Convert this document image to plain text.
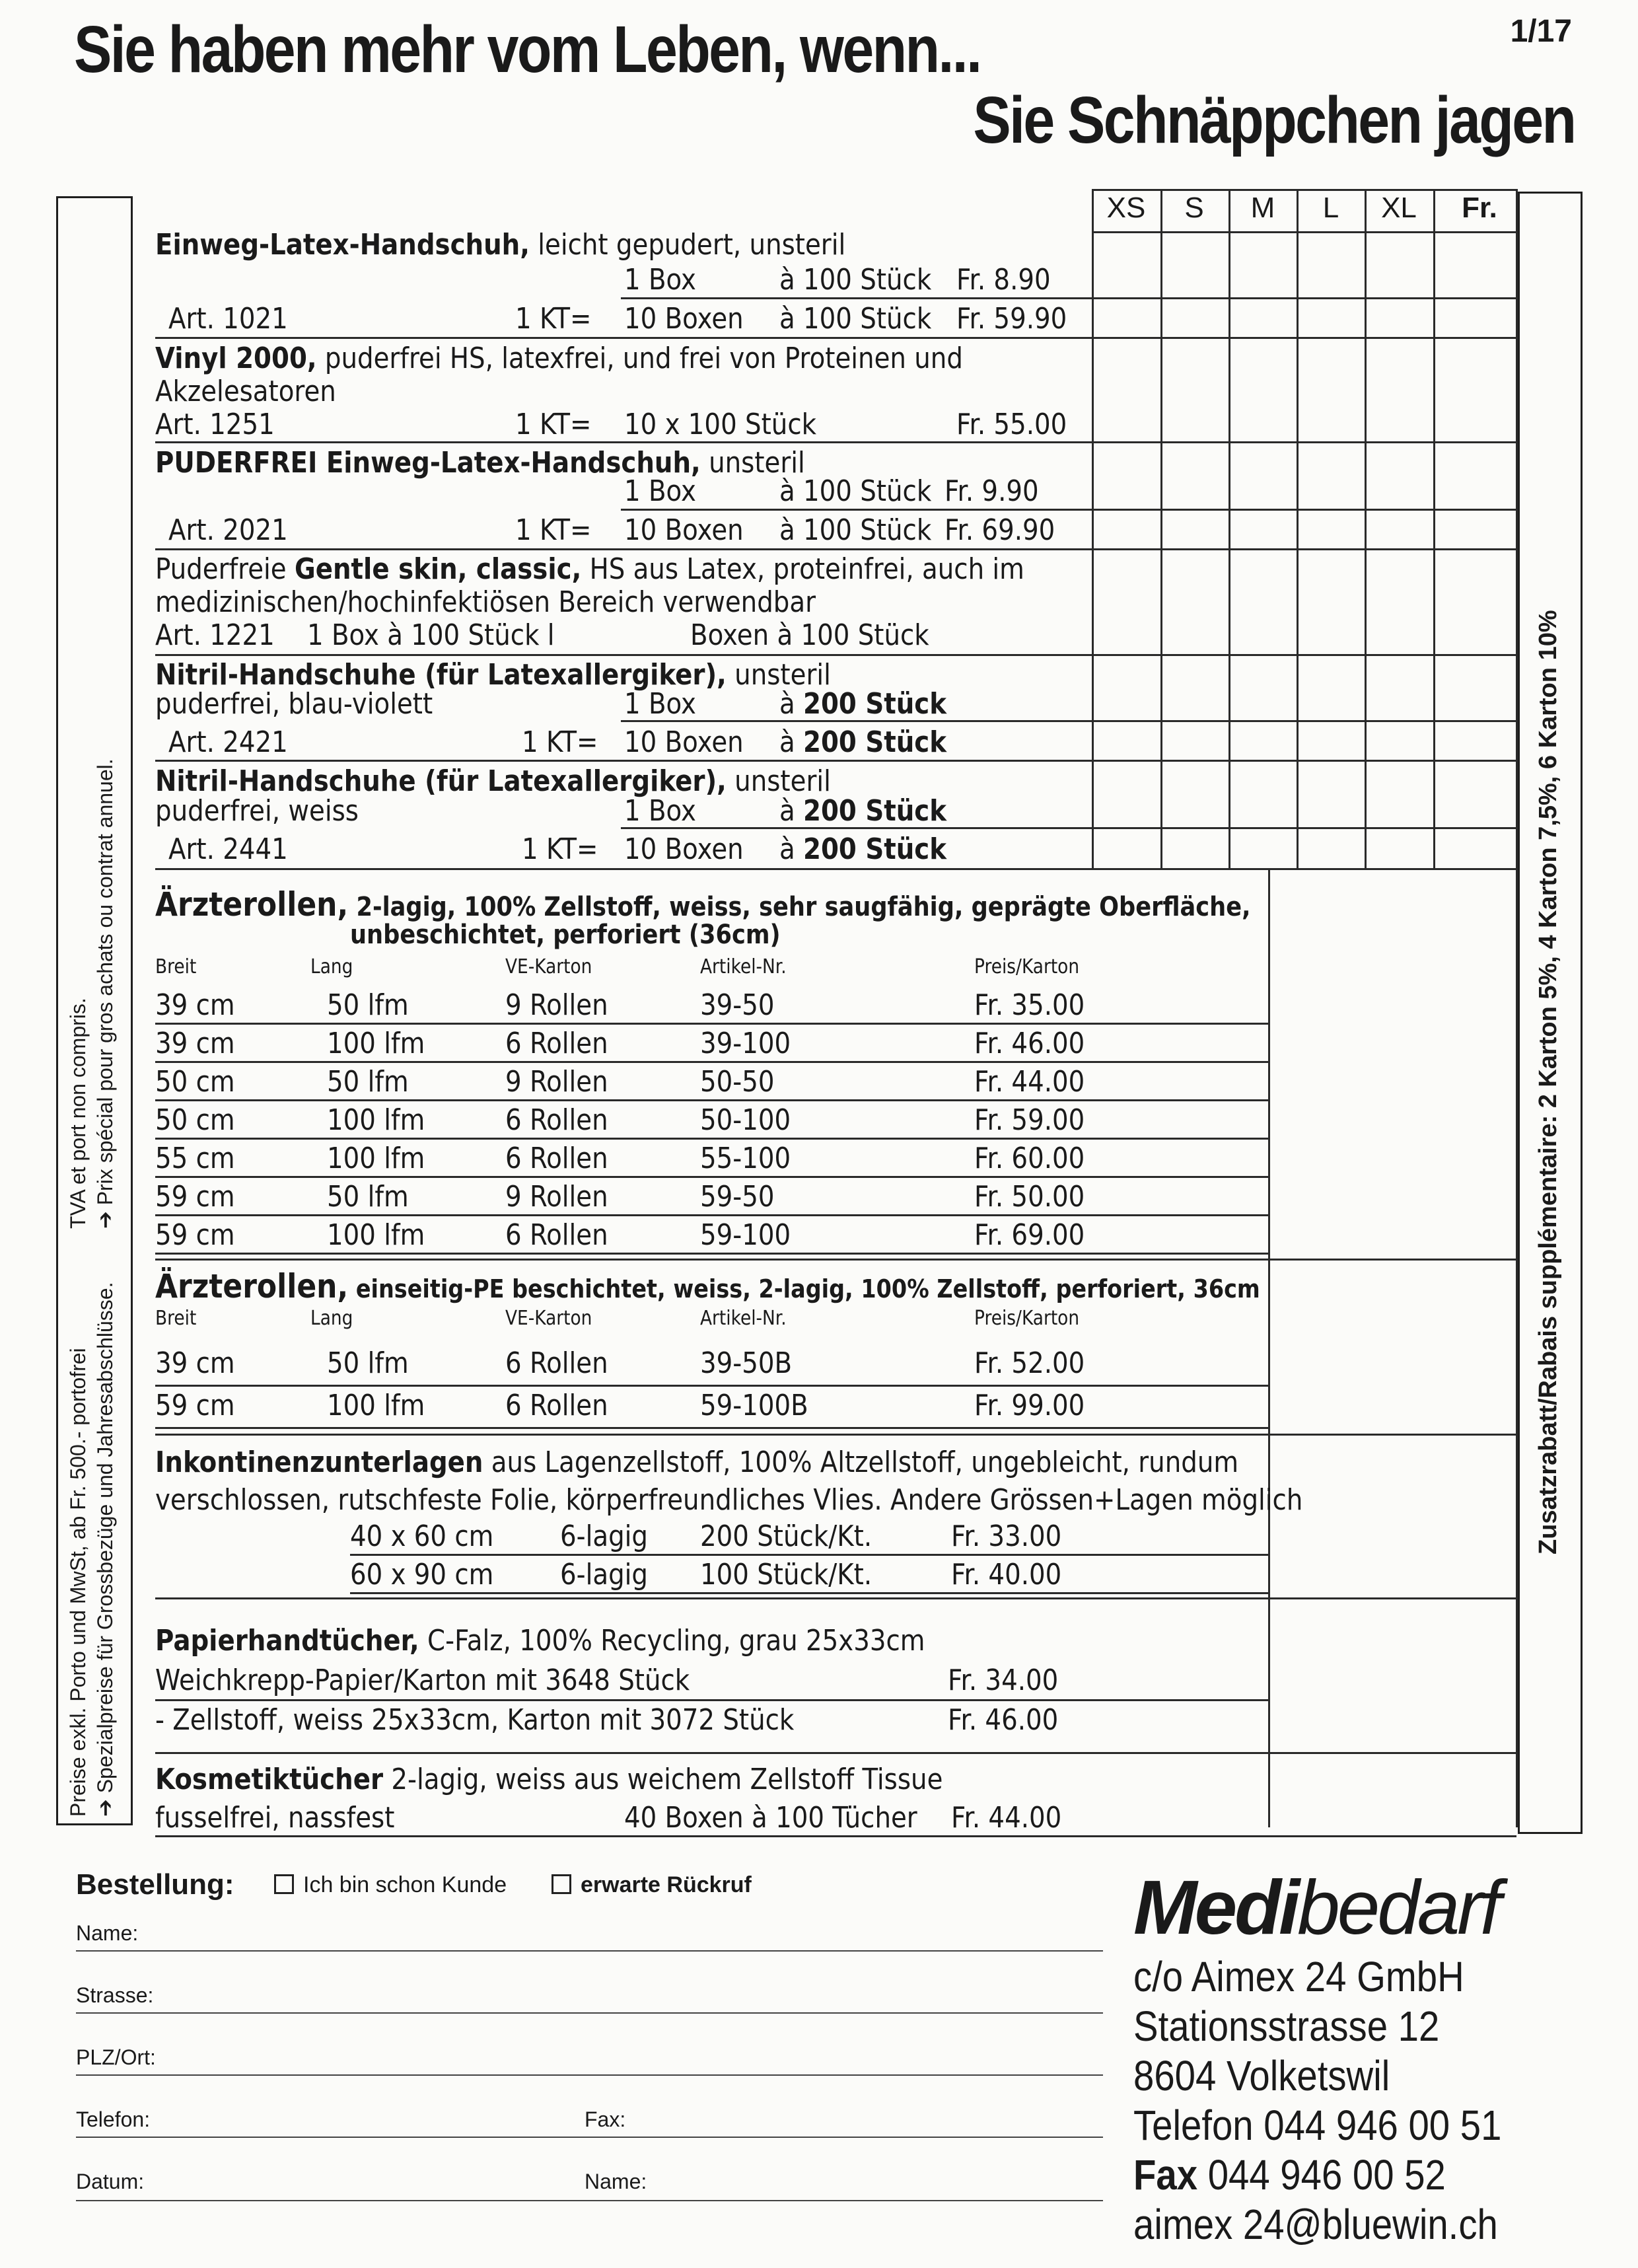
Sie haben mehr vom Leben, wenn...
Sie Schnäppchen jagen
1/17
Preise exkl. Porto und MwSt, ab Fr. 500.- portofrei ➔ Spezialpreise für Grossbezüge und Jahresabschlüsse.
TVA et port non compris. ➔ Prix spécial pour gros achats ou contrat annuel.	Zusatzrabatt/Rabais supplémentaire: 2 Karton 5%, 4 Karton 7,5%, 6 Karton 10%
XS	S	M	L	XL	Fr.
Einweg-Latex-Handschuh, leicht gepudert, unsteril
1 Box	à 100 Stück Fr. 8.90
Art. 1021	1 KT= 10 Boxen à 100 Stück Fr. 59.90
Vinyl 2000, puderfrei HS, latexfrei, und frei von Proteinen und
Akzelesatoren
Art. 1251	1 KT= 10 x 100 Stück	Fr. 55.00
PUDERFREI Einweg-Latex-Handschuh, unsteril
1 Box	à 100 Stück Fr. 9.90
Art. 2021	1 KT= 10 Boxen à 100 Stück Fr. 69.90
Puderfreie Gentle skin, classic, HS aus Latex, proteinfrei, auch im
medizinischen/hochinfektiösen Bereich verwendbar
Art. 1221 1 Box à 100 Stück l	Boxen à 100 Stück
Nitril-Handschuhe (für Latexallergiker), unsteril
puderfrei, blau-violett	1 Box	à 200 Stück
Art. 2421	1 KT= 10 Boxen à 200 Stück
Nitril-Handschuhe (für Latexallergiker), unsteril
puderfrei, weiss	1 Box	à 200 Stück
Art. 2441	1 KT= 10 Boxen à 200 Stück
Ärzterollen, 2-lagig, 100% Zellstoff, weiss, sehr saugfähig, geprägte Oberfläche,
unbeschichtet, perforiert (36cm)
Breit	Lang	VE-Karton	Artikel-Nr.	Preis/Karton
39 cm	50 lfm	9 Rollen	39-50	Fr. 35.00
39 cm	100 lfm	6 Rollen	39-100	Fr. 46.00
50 cm	50 lfm	9 Rollen	50-50	Fr. 44.00
50 cm	100 lfm	6 Rollen	50-100	Fr. 59.00
55 cm	100 lfm	6 Rollen	55-100	Fr. 60.00
59 cm	50 lfm	9 Rollen	59-50	Fr. 50.00
59 cm	100 lfm	6 Rollen	59-100	Fr. 69.00
Ärzterollen, einseitig-PE beschichtet, weiss, 2-lagig, 100% Zellstoff, perforiert, 36cm
Breit	Lang	VE-Karton	Artikel-Nr.	Preis/Karton
39 cm	50 lfm	6 Rollen	39-50B	Fr. 52.00
59 cm	100 lfm	6 Rollen	59-100B	Fr. 99.00
Inkontinenzunterlagen aus Lagenzellstoff, 100% Altzellstoff, ungebleicht, rundum
verschlossen, rutschfeste Folie, körperfreundliches Vlies. Andere Grössen+Lagen möglich
40 x 60 cm 6-lagig 200 Stück/Kt.	Fr. 33.00
60 x 90 cm 6-lagig 100 Stück/Kt.	Fr. 40.00
Papierhandtücher, C-Falz, 100% Recycling, grau 25x33cm
Weichkrepp-Papier/Karton mit 3648 Stück	Fr. 34.00
- Zellstoff, weiss 25x33cm, Karton mit 3072 Stück	Fr. 46.00
Kosmetiktücher 2-lagig, weiss aus weichem Zellstoff Tissue
fusselfrei, nassfest	40 Boxen à 100 Tücher Fr. 44.00
Bestellung:	Ich bin schon Kunde	erwarte Rückruf
Name:
Strasse:
PLZ/Ort:
Telefon:	Fax:
Datum:	Name:
Medibedarf
c/o Aimex 24 GmbH
Stationsstrasse 12
8604 Volketswil
Telefon 044 946 00 51
Fax 044 946 00 52
aimex 24@bluewin.ch
